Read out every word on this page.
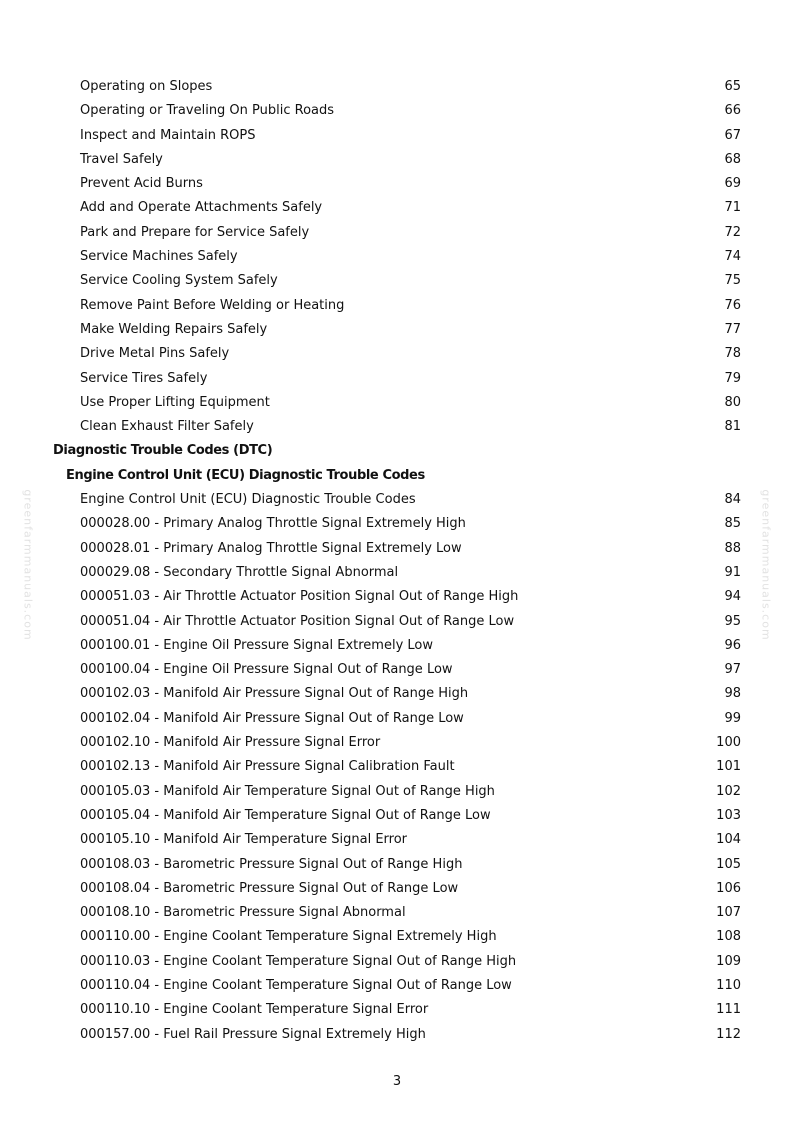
greenfarmmanuals.com	greenfarmmanuals.com
Operating on Slopes	65
Operating or Traveling On Public Roads	66
Inspect and Maintain ROPS	67
Travel Safely	68
Prevent Acid Burns	69
Add and Operate Attachments Safely	71
Park and Prepare for Service Safely	72
Service Machines Safely	74
Service Cooling System Safely	75
Remove Paint Before Welding or Heating	76
Make Welding Repairs Safely	77
Drive Metal Pins Safely	78
Service Tires Safely	79
Use Proper Lifting Equipment	80
Clean Exhaust Filter Safely	81
Diagnostic Trouble Codes (DTC)
Engine Control Unit (ECU) Diagnostic Trouble Codes
Engine Control Unit (ECU) Diagnostic Trouble Codes	84
000028.00 - Primary Analog Throttle Signal Extremely High	85
000028.01 - Primary Analog Throttle Signal Extremely Low	88
000029.08 - Secondary Throttle Signal Abnormal	91
000051.03 - Air Throttle Actuator Position Signal Out of Range High	94
000051.04 - Air Throttle Actuator Position Signal Out of Range Low	95
000100.01 - Engine Oil Pressure Signal Extremely Low	96
000100.04 - Engine Oil Pressure Signal Out of Range Low	97
000102.03 - Manifold Air Pressure Signal Out of Range High	98
000102.04 - Manifold Air Pressure Signal Out of Range Low	99
000102.10 - Manifold Air Pressure Signal Error	100
000102.13 - Manifold Air Pressure Signal Calibration Fault	101
000105.03 - Manifold Air Temperature Signal Out of Range High	102
000105.04 - Manifold Air Temperature Signal Out of Range Low	103
000105.10 - Manifold Air Temperature Signal Error	104
000108.03 - Barometric Pressure Signal Out of Range High	105
000108.04 - Barometric Pressure Signal Out of Range Low	106
000108.10 - Barometric Pressure Signal Abnormal	107
000110.00 - Engine Coolant Temperature Signal Extremely High	108
000110.03 - Engine Coolant Temperature Signal Out of Range High	109
000110.04 - Engine Coolant Temperature Signal Out of Range Low	110
000110.10 - Engine Coolant Temperature Signal Error	111
000157.00 - Fuel Rail Pressure Signal Extremely High	112
3
